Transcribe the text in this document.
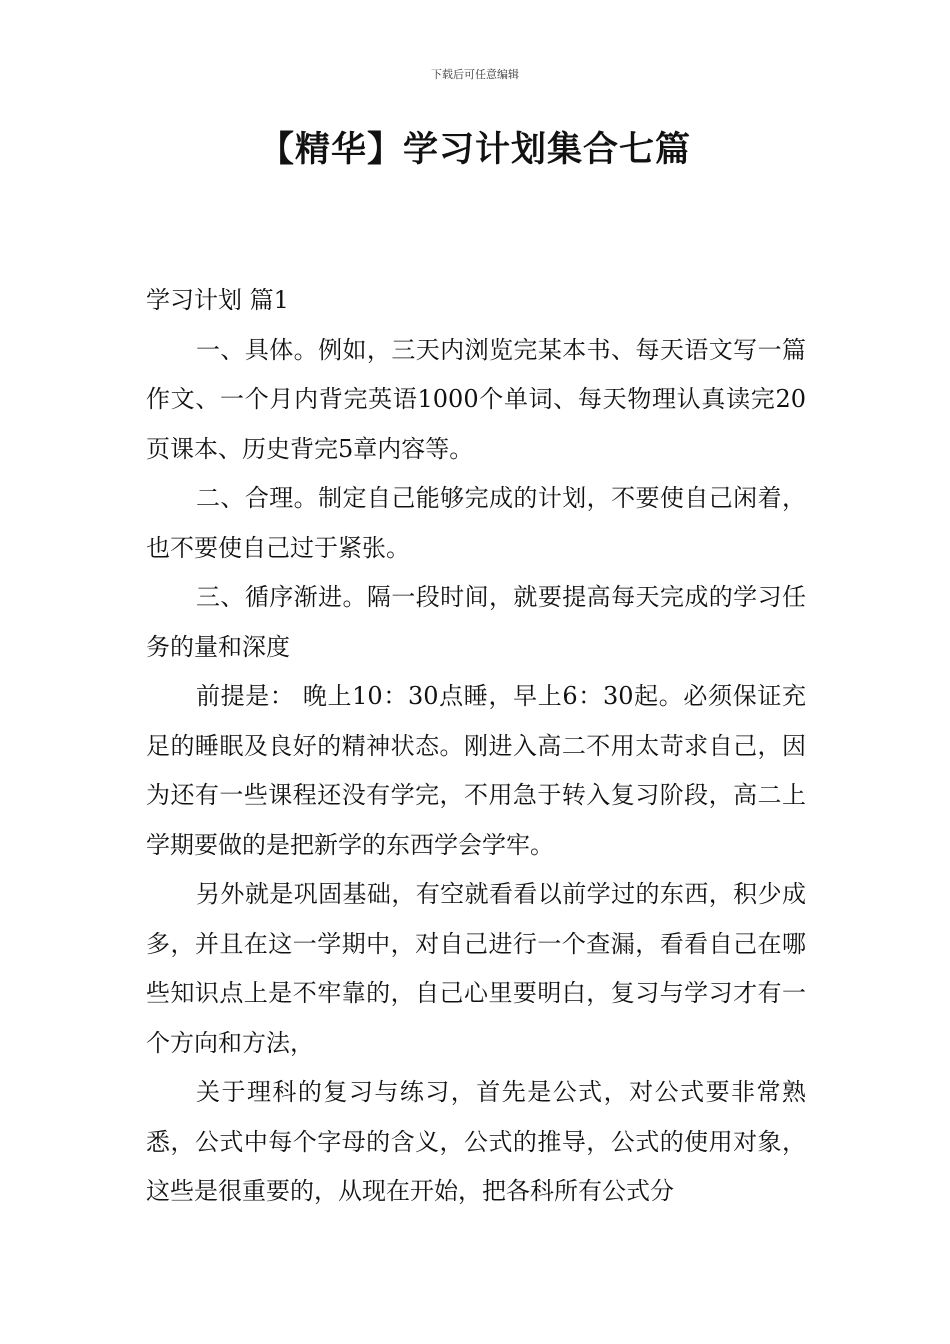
下载后可任意编辑
【精华】学习计划集合七篇

学习计划 篇1

一、具体。例如，三天内浏览完某本书、每天语文写一篇作文、一个月内背完英语1000个单词、每天物理认真读完20页课本、历史背完5章内容等。

二、合理。制定自己能够完成的计划，不要使自己闲着，也不要使自己过于紧张。

三、循序渐进。隔一段时间，就要提高每天完成的学习任务的量和深度

前提是： 晚上10：30点睡，早上6：30起。必须保证充足的睡眠及良好的精神状态。刚进入高二不用太苛求自己，因为还有一些课程还没有学完，不用急于转入复习阶段，高二上学期要做的是把新学的东西学会学牢。

另外就是巩固基础，有空就看看以前学过的东西，积少成多，并且在这一学期中，对自己进行一个查漏，看看自己在哪些知识点上是不牢靠的，自己心里要明白，复习与学习才有一个方向和方法，

关于理科的复习与练习，首先是公式，对公式要非常熟悉，公式中每个字母的含义，公式的推导，公式的使用对象，这些是很重要的，从现在开始，把各科所有公式分
